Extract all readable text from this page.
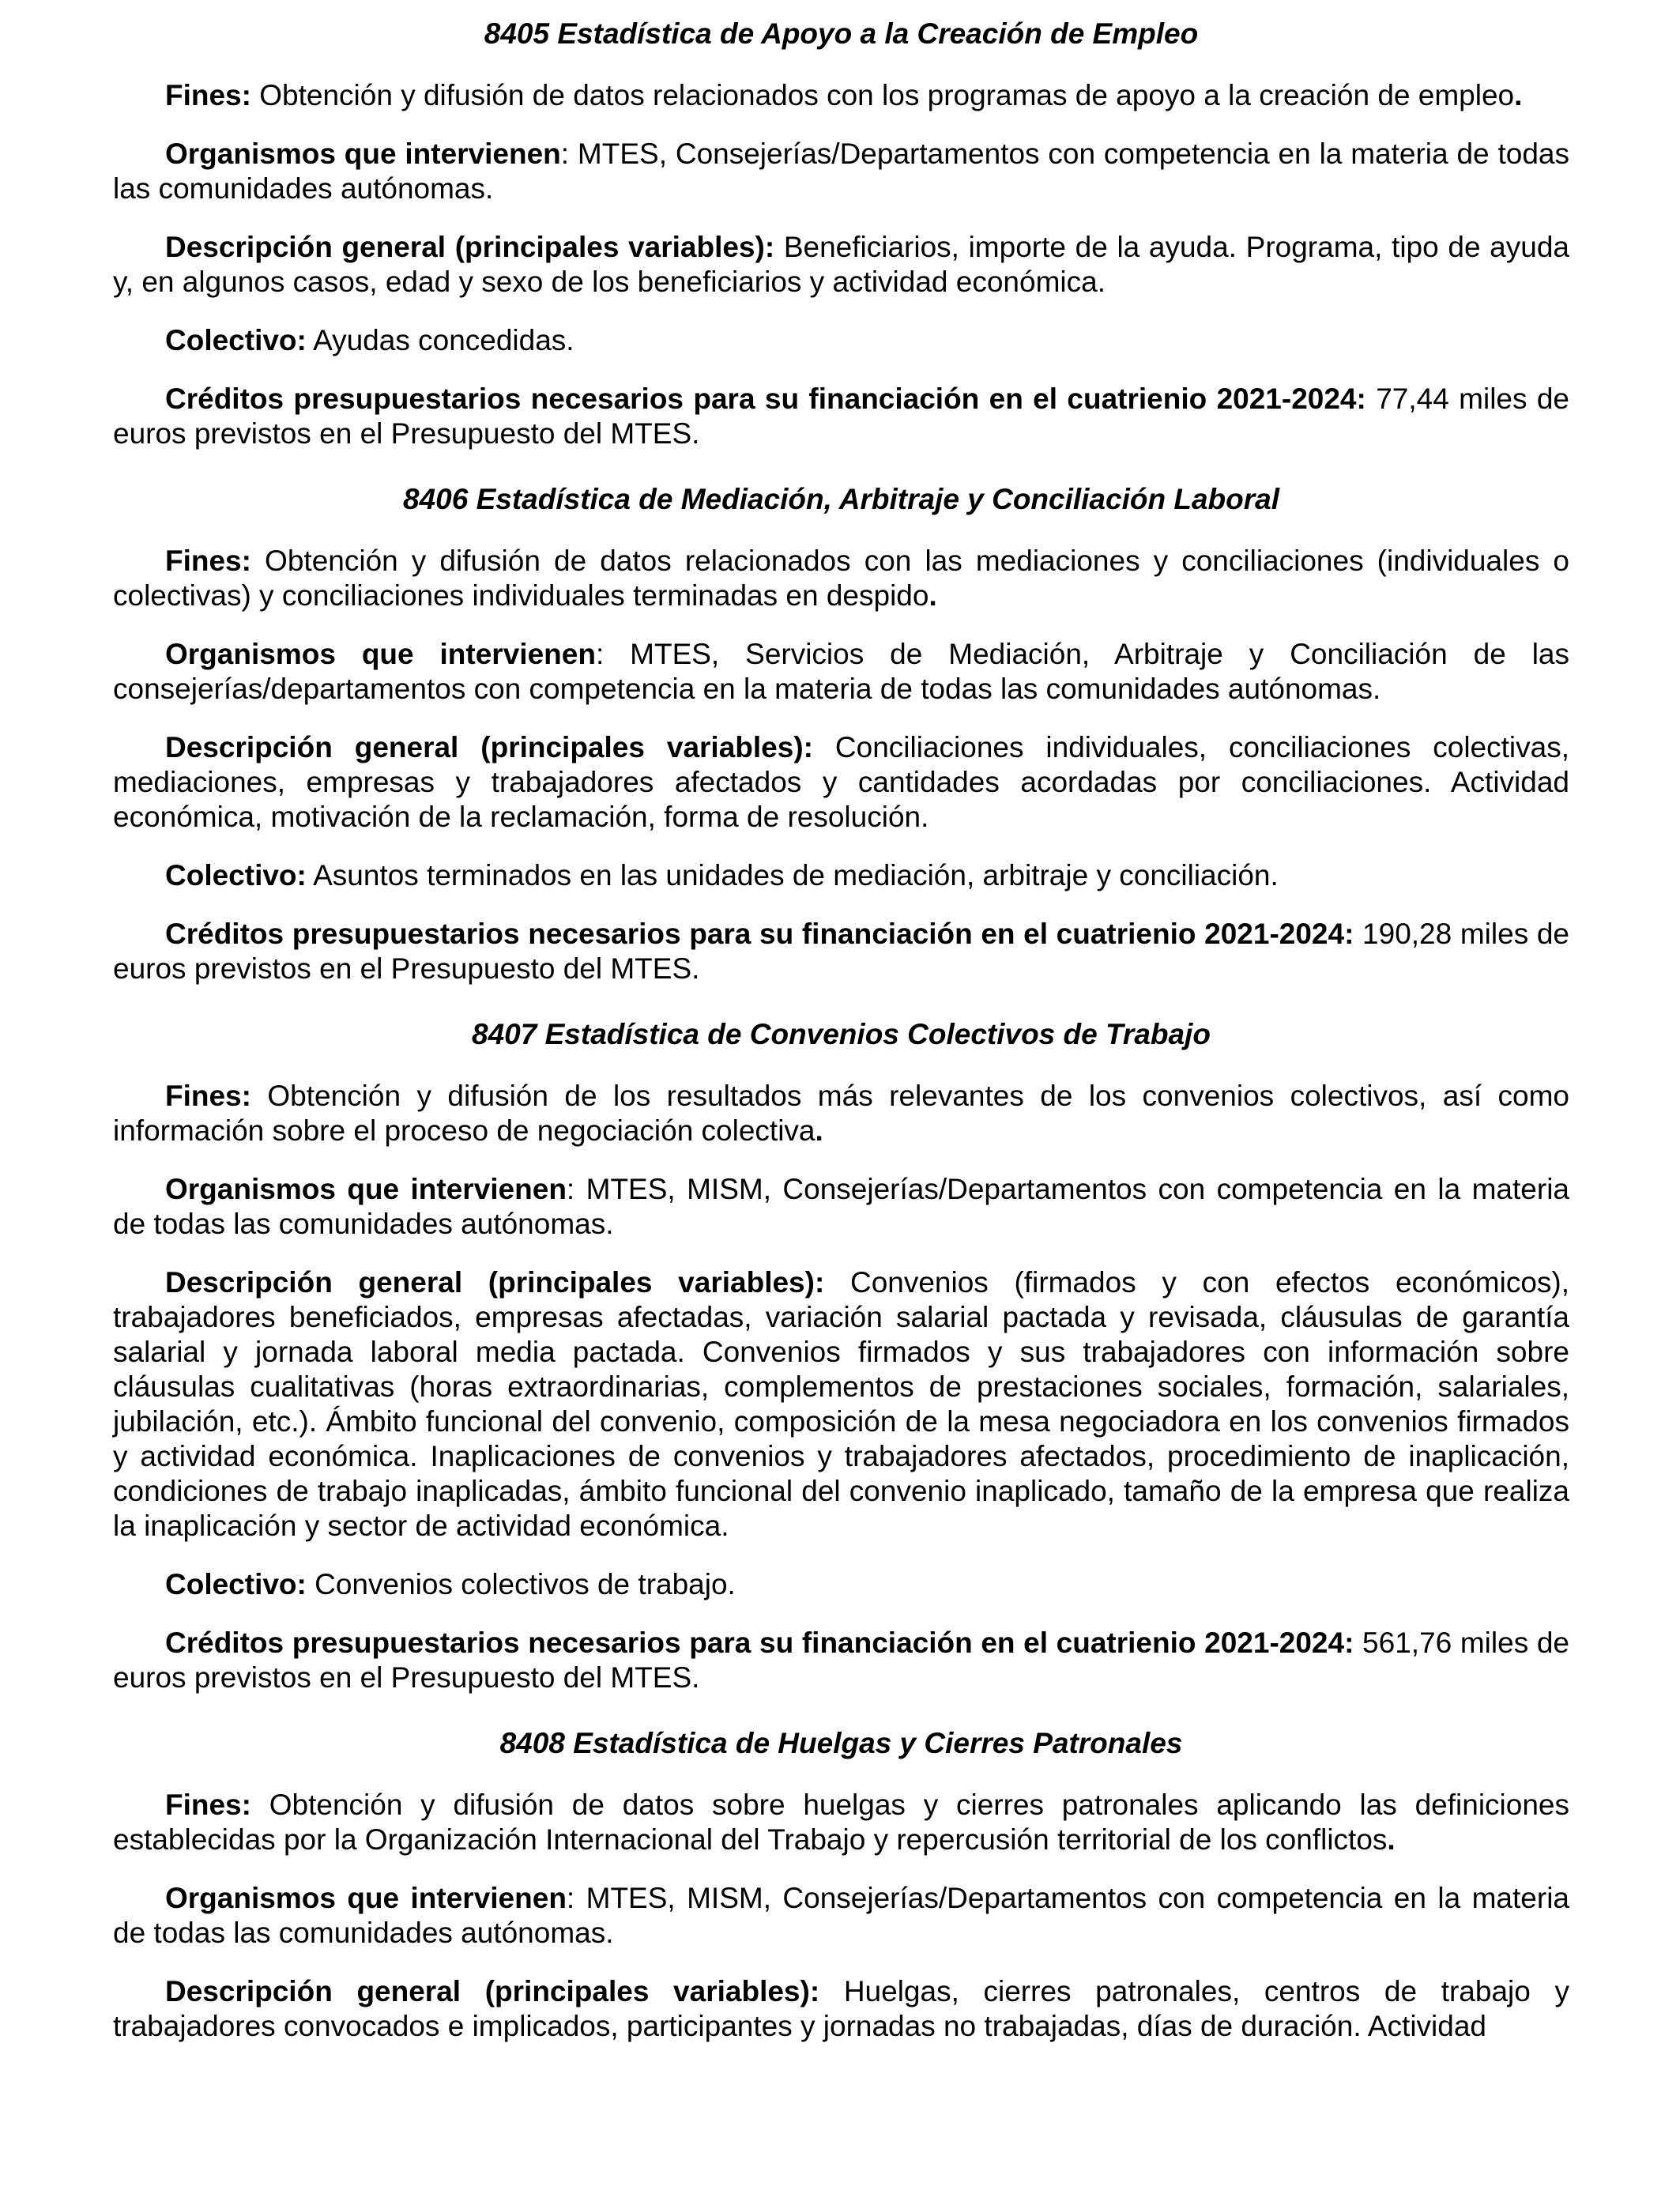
8405 Estadística de Apoyo a la Creación de Empleo

Fines: Obtención y difusión de datos relacionados con los programas de apoyo a la creación de empleo.

Organismos que intervienen: MTES, Consejerías/Departamentos con competencia en la materia de todas las comunidades autónomas.

Descripción general (principales variables): Beneficiarios, importe de la ayuda. Programa, tipo de ayuda y, en algunos casos, edad y sexo de los beneficiarios y actividad económica.

Colectivo: Ayudas concedidas.

Créditos presupuestarios necesarios para su financiación en el cuatrienio 2021-2024: 77,44 miles de euros previstos en el Presupuesto del MTES.

8406 Estadística de Mediación, Arbitraje y Conciliación Laboral

Fines: Obtención y difusión de datos relacionados con las mediaciones y conciliaciones (individuales o colectivas) y conciliaciones individuales terminadas en despido.

Organismos que intervienen: MTES, Servicios de Mediación, Arbitraje y Conciliación de las consejerías/departamentos con competencia en la materia de todas las comunidades autónomas.

Descripción general (principales variables): Conciliaciones individuales, conciliaciones colectivas, mediaciones, empresas y trabajadores afectados y cantidades acordadas por conciliaciones. Actividad económica, motivación de la reclamación, forma de resolución.

Colectivo: Asuntos terminados en las unidades de mediación, arbitraje y conciliación.

Créditos presupuestarios necesarios para su financiación en el cuatrienio 2021-2024: 190,28 miles de euros previstos en el Presupuesto del MTES.

8407 Estadística de Convenios Colectivos de Trabajo

Fines: Obtención y difusión de los resultados más relevantes de los convenios colectivos, así como información sobre el proceso de negociación colectiva.

Organismos que intervienen: MTES, MISM, Consejerías/Departamentos con competencia en la materia de todas las comunidades autónomas.

Descripción general (principales variables): Convenios (firmados y con efectos económicos), trabajadores beneficiados, empresas afectadas, variación salarial pactada y revisada, cláusulas de garantía salarial y jornada laboral media pactada. Convenios firmados y sus trabajadores con información sobre cláusulas cualitativas (horas extraordinarias, complementos de prestaciones sociales, formación, salariales, jubilación, etc.). Ámbito funcional del convenio, composición de la mesa negociadora en los convenios firmados y actividad económica. Inaplicaciones de convenios y trabajadores afectados, procedimiento de inaplicación, condiciones de trabajo inaplicadas, ámbito funcional del convenio inaplicado, tamaño de la empresa que realiza la inaplicación y sector de actividad económica.

Colectivo: Convenios colectivos de trabajo.

Créditos presupuestarios necesarios para su financiación en el cuatrienio 2021-2024: 561,76 miles de euros previstos en el Presupuesto del MTES.

8408 Estadística de Huelgas y Cierres Patronales

Fines: Obtención y difusión de datos sobre huelgas y cierres patronales aplicando las definiciones establecidas por la Organización Internacional del Trabajo y repercusión territorial de los conflictos.

Organismos que intervienen: MTES, MISM, Consejerías/Departamentos con competencia en la materia de todas las comunidades autónomas.

Descripción general (principales variables): Huelgas, cierres patronales, centros de trabajo y trabajadores convocados e implicados, participantes y jornadas no trabajadas, días de duración. Actividad
